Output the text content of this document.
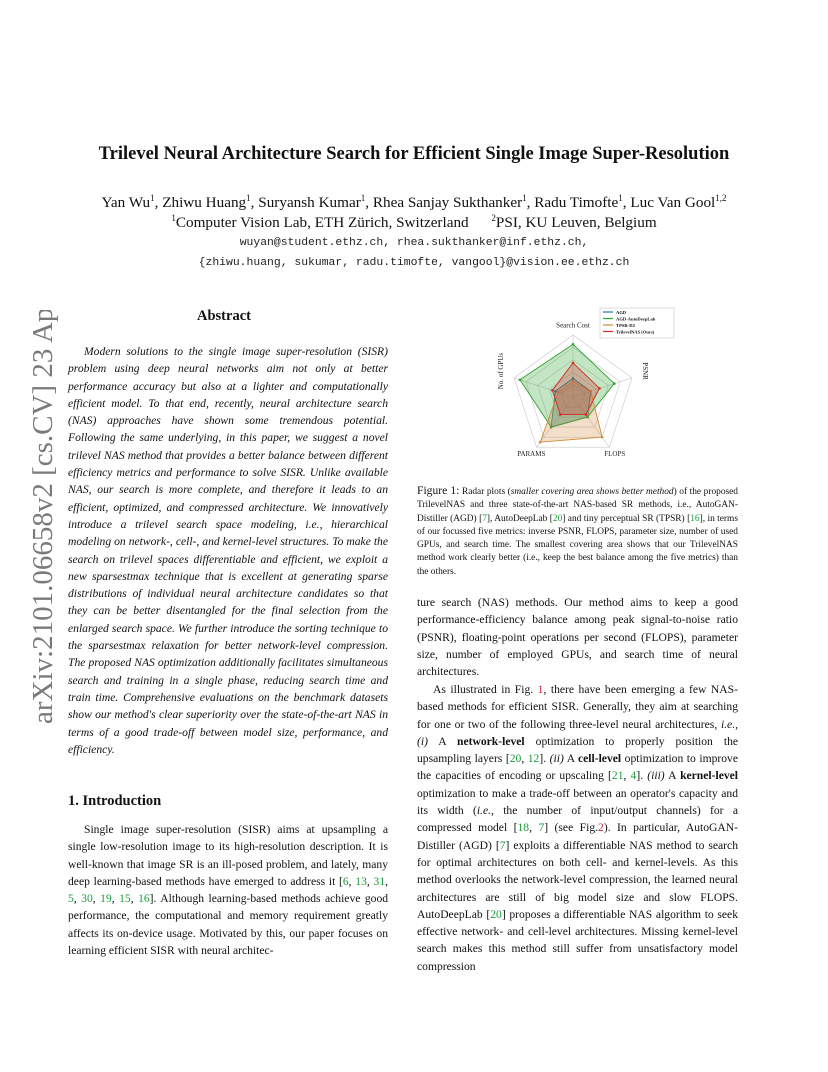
arXiv:2101.06658v2 [cs.CV] 23 Apr 2021
Trilevel Neural Architecture Search for Efficient Single Image Super-Resolution
Yan Wu$^1$, Zhiwu Huang$^1$, Suryansh Kumar$^1$, Rhea Sanjay Sukthanker$^1$, Radu Timofte$^1$, Luc Van Gool$^{1,2}$
$^1$Computer Vision Lab, ETH Zürich, Switzerland	$^2$PSI, KU Leuven, Belgium
wuyan@student.ethz.ch, rhea.sukthanker@inf.ethz.ch,
{zhiwu.huang, sukumar, radu.timofte, vangool}@vision.ee.ethz.ch
Abstract

Modern solutions to the single image super-resolution (SISR) problem using deep neural networks aim not only at better performance accuracy but also at a lighter and computationally efficient model. To that end, recently, neural architecture search (NAS) approaches have shown some tremendous potential. Following the same underlying, in this paper, we suggest a novel trilevel NAS method that provides a better balance between different efficiency metrics and performance to solve SISR. Unlike available NAS, our search is more complete, and therefore it leads to an efficient, optimized, and compressed architecture. We innovatively introduce a trilevel search space modeling, i.e., hierarchical modeling on network-, cell-, and kernel-level structures. To make the search on trilevel spaces differentiable and efficient, we exploit a new sparsestmax technique that is excellent at generating sparse distributions of individual neural architecture candidates so that they can be better disentangled for the final selection from the enlarged search space. We further introduce the sorting technique to the sparsestmax relaxation for better network-level compression. The proposed NAS optimization additionally facilitates simultaneous search and training in a single phase, reducing search time and train time. Comprehensive evaluations on the benchmark datasets show our method's clear superiority over the state-of-the-art NAS in terms of a good trade-off between model size, performance, and efficiency.

1. Introduction

Single image super-resolution (SISR) aims at upsampling a single low-resolution image to its high-resolution description. It is well-known that image SR is an ill-posed problem, and lately, many deep learning-based methods have emerged to address it [6, 13, 31, 5, 30, 19, 15, 16]. Although learning-based methods achieve good performance, the computational and memory requirement greatly affects its on-device usage. Motivated by this, our paper focuses on learning efficient SISR with neural architec-

Search Cost
PSNR
FLOPS
PARAMS
No. of GPUs
AGD
AGD-AutoDeepLab
TPSR-D2
TrilevelNAS (Ours)

Figure 1: Radar plots (smaller covering area shows better method) of the proposed TrilevelNAS and three state-of-the-art NAS-based SR methods, i.e., AutoGAN-Distiller (AGD) [7], AutoDeepLab [20] and tiny perceptual SR (TPSR) [16], in terms of our focussed five metrics: inverse PSNR, FLOPS, parameter size, number of used GPUs, and search time. The smallest covering area shows that our TrilevelNAS method work clearly better (i.e., keep the best balance among the five metrics) than the others.

ture search (NAS) methods. Our method aims to keep a good performance-efficiency balance among peak signal-to-noise ratio (PSNR), floating-point operations per second (FLOPS), parameter size, number of employed GPUs, and search time of neural architectures.

As illustrated in Fig. 1, there have been emerging a few NAS-based methods for efficient SISR. Generally, they aim at searching for one or two of the following three-level neural architectures, i.e., (i) A network-level optimization to properly position the upsampling layers [20, 12]. (ii) A cell-level optimization to improve the capacities of encoding or upscaling [21, 4]. (iii) A kernel-level optimization to make a trade-off between an operator's capacity and its width (i.e., the number of input/output channels) for a compressed model [18, 7] (see Fig.2). In particular, AutoGAN-Distiller (AGD) [7] exploits a differentiable NAS method to search for optimal architectures on both cell- and kernel-levels. As this method overlooks the network-level compression, the learned neural architectures are still of big model size and slow FLOPS. AutoDeepLab [20] proposes a differentiable NAS algorithm to seek effective network- and cell-level architectures. Missing kernel-level search makes this method still suffer from unsatisfactory model compression
